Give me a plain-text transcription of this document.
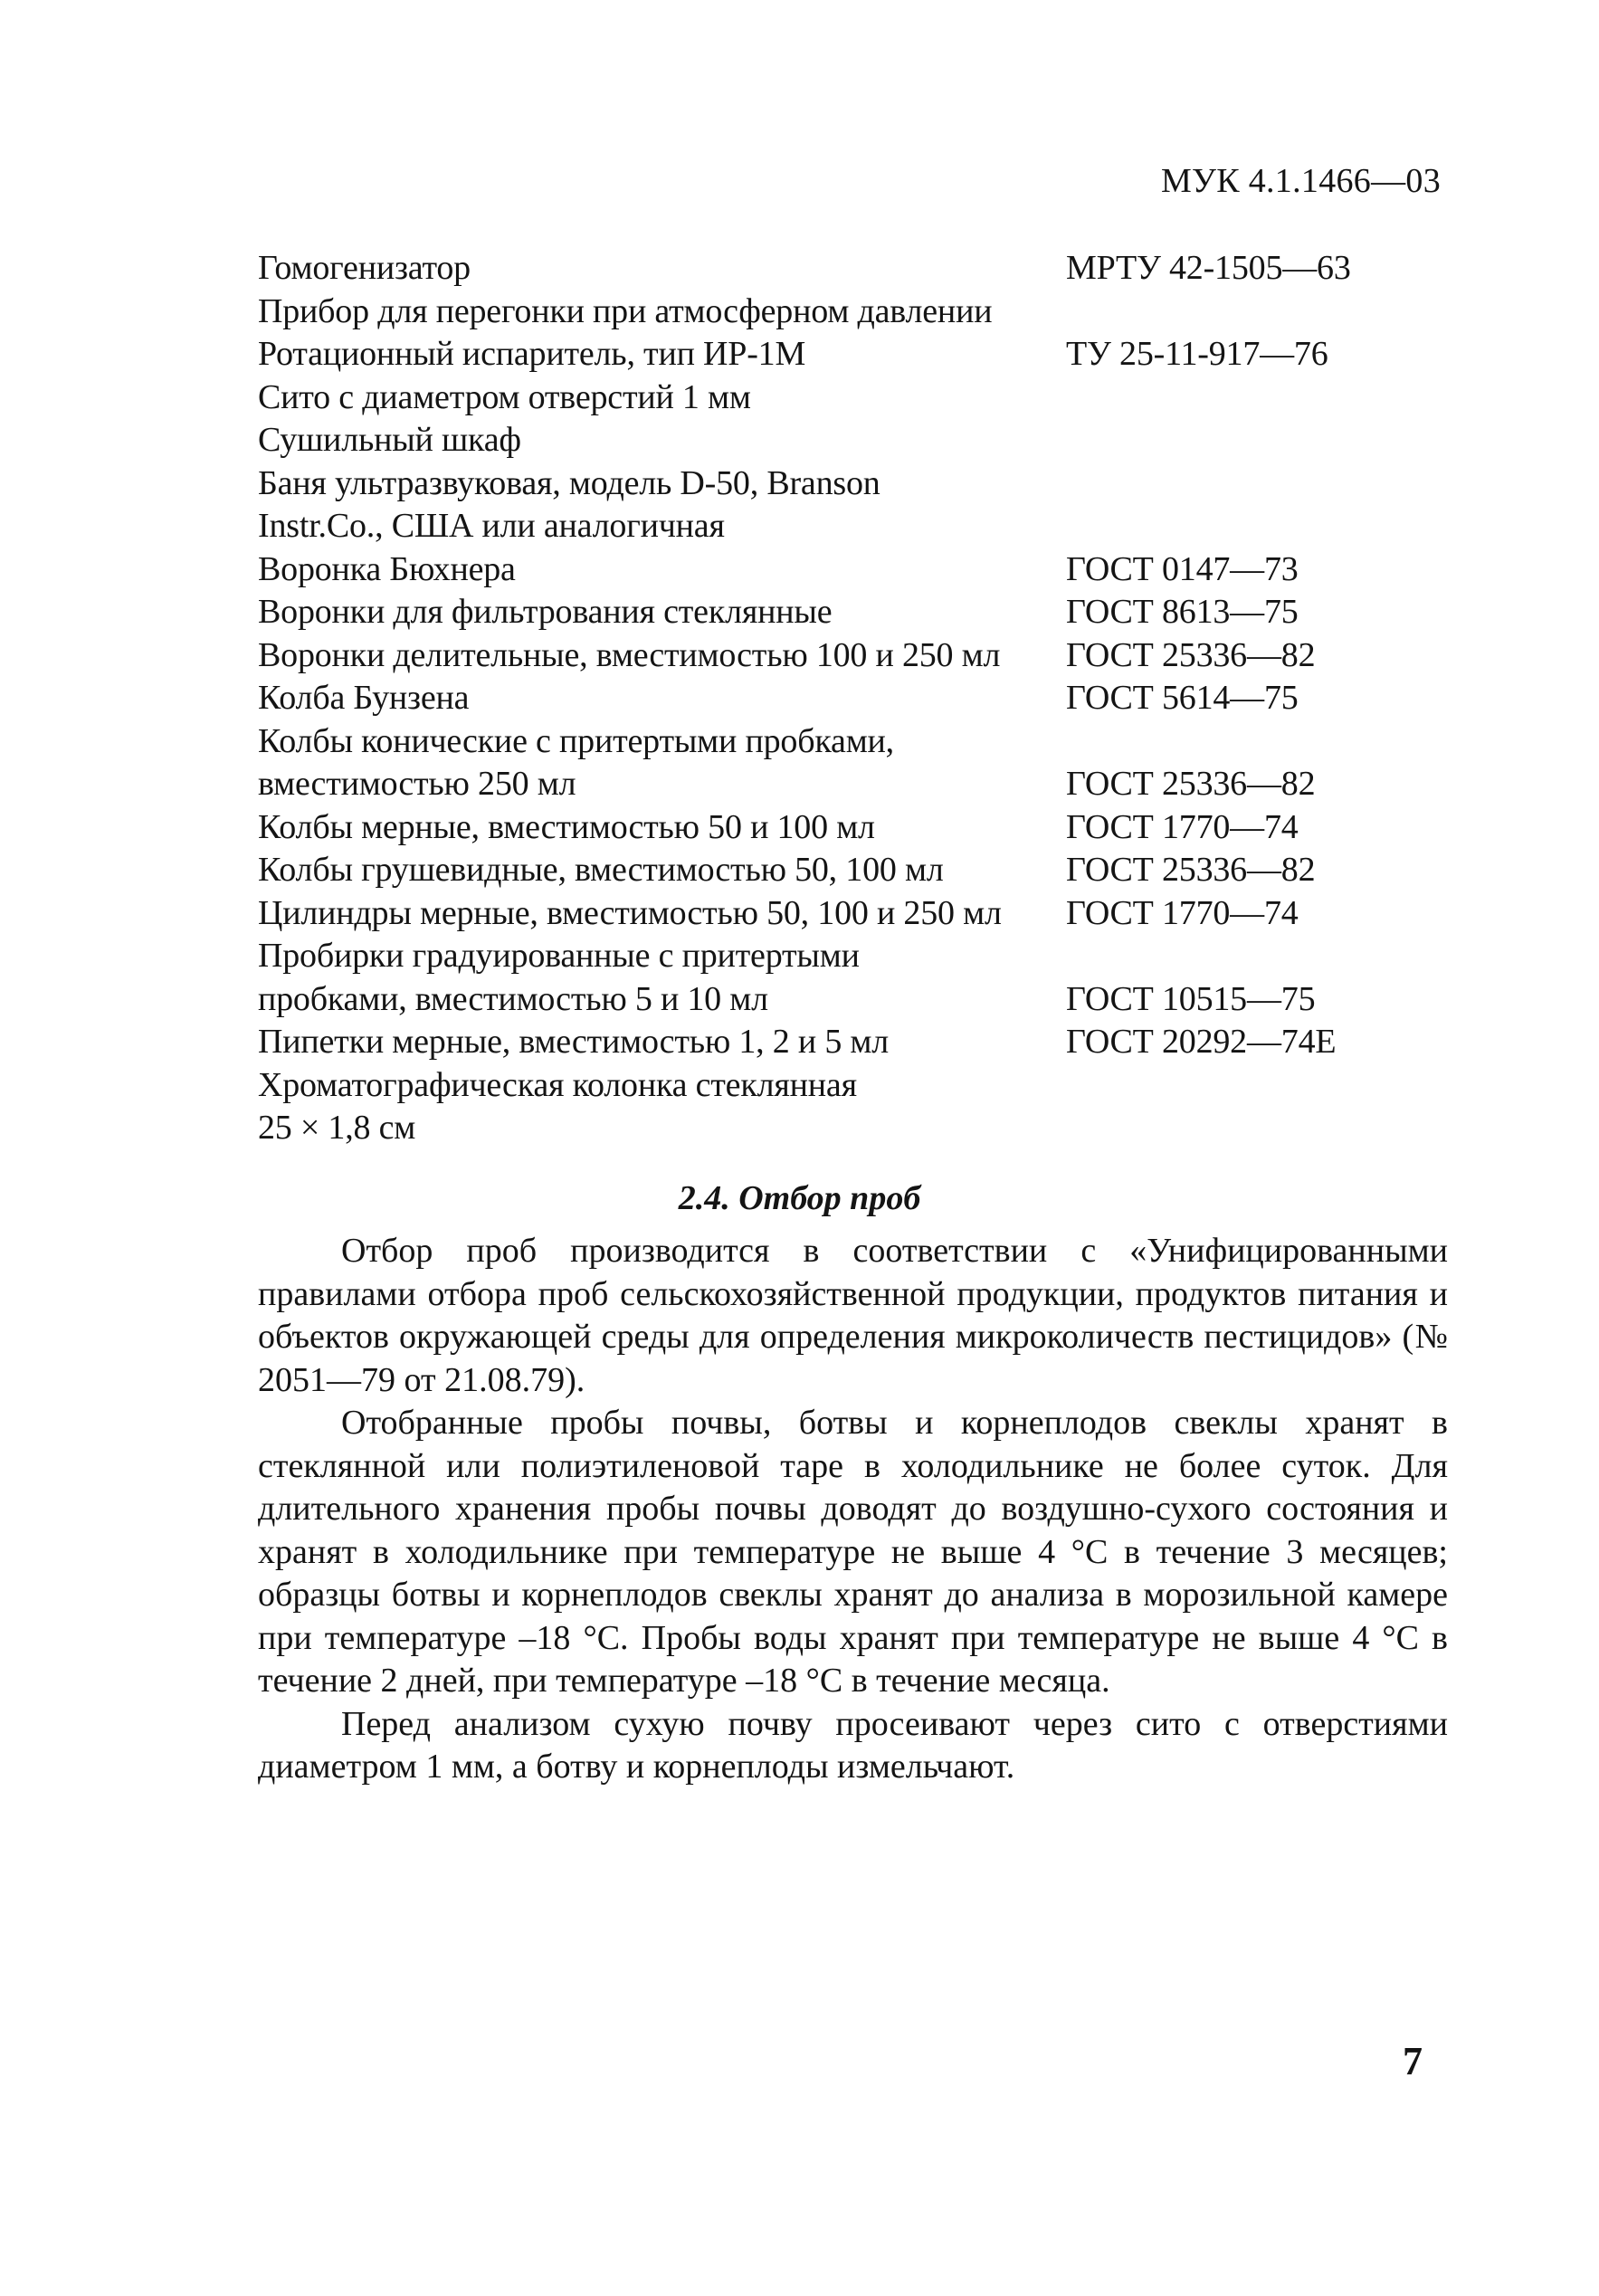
МУК 4.1.1466—03
Гомогенизатор	МРТУ 42-1505—63
Прибор для перегонки при атмосферном давлении
Ротационный испаритель, тип ИР-1М	ТУ 25-11-917—76
Сито с диаметром отверстий 1 мм
Сушильный шкаф
Баня ультразвуковая, модель D-50, Branson
Instr.Co., США или аналогичная
Воронка Бюхнера	ГОСТ 0147—73
Воронки для фильтрования стеклянные	ГОСТ 8613—75
Воронки делительные, вместимостью 100 и 250 мл	ГОСТ 25336—82
Колба Бунзена	ГОСТ 5614—75
Колбы конические с притертыми пробками,
вместимостью 250 мл	ГОСТ 25336—82
Колбы мерные, вместимостью 50 и 100 мл	ГОСТ 1770—74
Колбы грушевидные, вместимостью 50, 100 мл	ГОСТ 25336—82
Цилиндры мерные, вместимостью 50, 100 и 250 мл	ГОСТ 1770—74
Пробирки градуированные с притертыми
пробками, вместимостью 5 и 10 мл	ГОСТ 10515—75
Пипетки мерные, вместимостью 1, 2 и 5 мл	ГОСТ 20292—74Е
Хроматографическая колонка стеклянная
25 × 1,8 см
2.4. Отбор проб

Отбор проб производится в соответствии с «Унифицированными правилами отбора проб сельскохозяйственной продукции, продуктов питания и объектов окружающей среды для определения микроколичеств пестицидов» (№ 2051—79 от 21.08.79).

Отобранные пробы почвы, ботвы и корнеплодов свеклы хранят в стеклянной или полиэтиленовой таре в холодильнике не более суток. Для длительного хранения пробы почвы доводят до воздушно-сухого состояния и хранят в холодильнике при температуре не выше 4 °С в течение 3 месяцев; образцы ботвы и корнеплодов свеклы хранят до анализа в морозильной камере при температуре –18 °С. Пробы воды хранят при температуре не выше 4 °С в течение 2 дней, при температуре –18 °С в течение месяца.

Перед анализом сухую почву просеивают через сито с отверстиями диаметром 1 мм, а ботву и корнеплоды измельчают.

7
